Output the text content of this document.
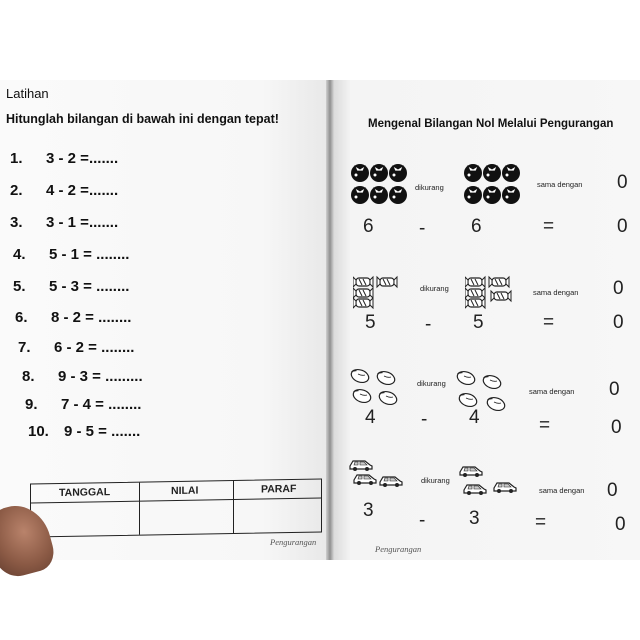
Latihan
Hitunglah bilangan di bawah ini dengan tepat!
1. 3 - 2 =.......
2. 4 - 2 =.......
3. 3 - 1 =.......
4. 5 - 1 = ........
5. 5 - 3 = ........
6. 8 - 2 = ........
7. 6 - 2 = ........
8. 9 - 3 = .........
9. 7 - 4 = ........
10. 9 - 5 = .......
TANGGAL	NILAI	PARAF
Pengurangan
Mengenal Bilangan Nol Melalui Pengurangan
dikurang	sama dengan 0
6 - 6	=	0
dikurang	sama dengan 0
5	- 5	=	0
dikurang
sama dengan 0
4 - 4	=	0
dikurang
sama dengan 0
3 - 3	=	0
Pengurangan
